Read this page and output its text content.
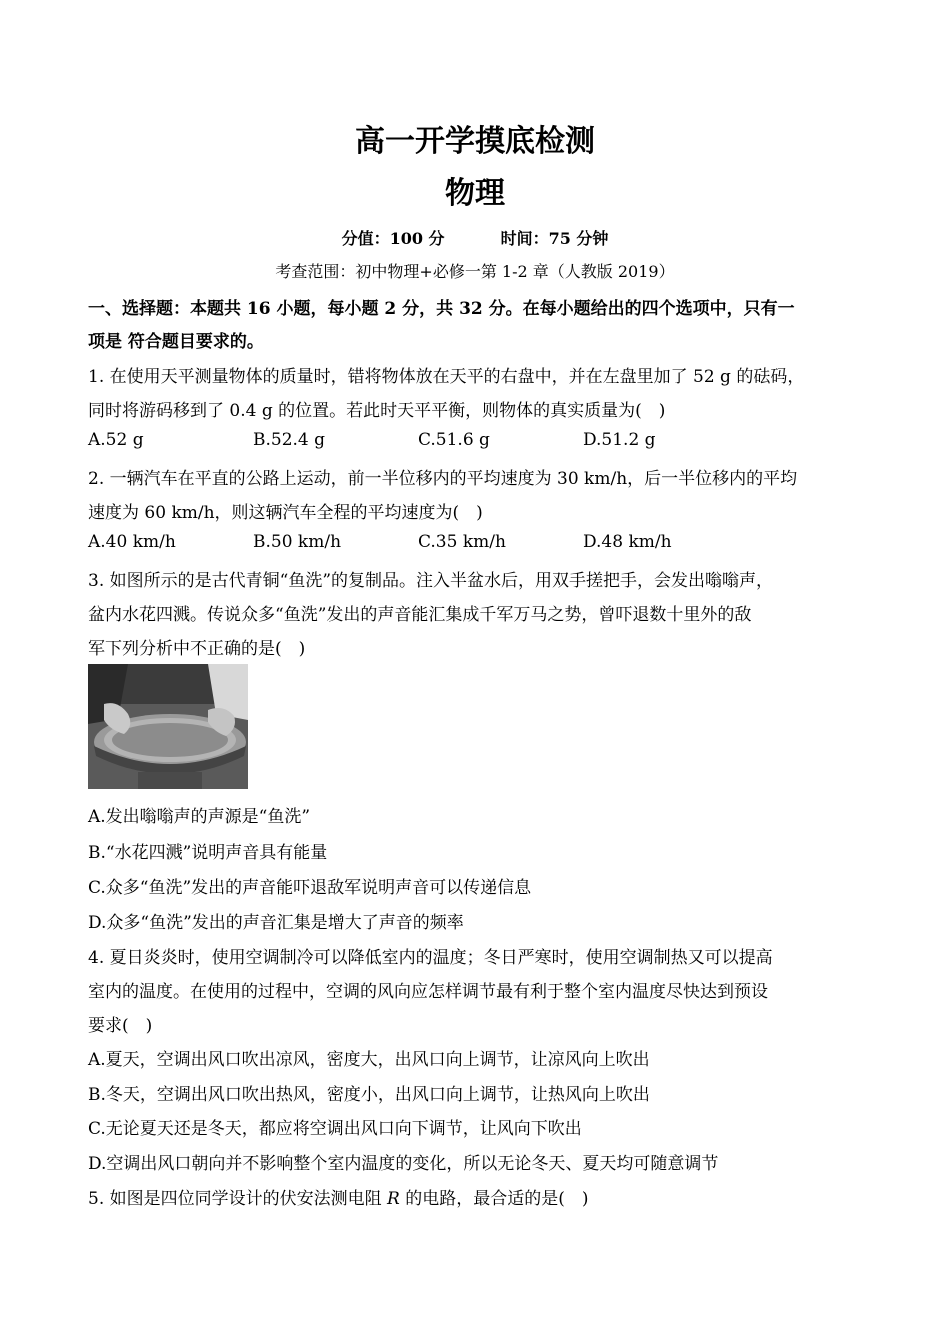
高一开学摸底检测
物理
分值：100 分	时间：75 分钟
考查范围：初中物理+必修一第 1-2 章（人教版 2019）
一、选择题：本题共 16 小题，每小题 2 分，共 32 分。在每小题给出的四个选项中，只有一
项是 符合题目要求的。
1. 在使用天平测量物体的质量时，错将物体放在天平的右盘中，并在左盘里加了 52 g 的砝码，
同时将游码移到了 0.4 g 的位置。若此时天平平衡，则物体的真实质量为(　)
A.52 g	B.52.4 g	C.51.6 g	D.51.2 g
2. 一辆汽车在平直的公路上运动，前一半位移内的平均速度为 30 km/h，后一半位移内的平均
速度为 60 km/h，则这辆汽车全程的平均速度为(　)
A.40 km/h	B.50 km/h	C.35 km/h	D.48 km/h
3. 如图所示的是古代青铜“鱼洗”的复制品。注入半盆水后，用双手搓把手，会发出嗡嗡声，
盆内水花四溅。传说众多“鱼洗”发出的声音能汇集成千军万马之势，曾吓退数十里外的敌
军下列分析中不正确的是(　)
A.发出嗡嗡声的声源是“鱼洗”
B.“水花四溅”说明声音具有能量
C.众多“鱼洗”发出的声音能吓退敌军说明声音可以传递信息
D.众多“鱼洗”发出的声音汇集是增大了声音的频率
4. 夏日炎炎时，使用空调制冷可以降低室内的温度；冬日严寒时，使用空调制热又可以提高
室内的温度。在使用的过程中，空调的风向应怎样调节最有利于整个室内温度尽快达到预设
要求(　)
A.夏天，空调出风口吹出凉风，密度大，出风口向上调节，让凉风向上吹出
B.冬天，空调出风口吹出热风，密度小，出风口向上调节，让热风向上吹出
C.无论夏天还是冬天，都应将空调出风口向下调节，让风向下吹出
D.空调出风口朝向并不影响整个室内温度的变化，所以无论冬天、夏天均可随意调节
5. 如图是四位同学设计的伏安法测电阻 R 的电路，最合适的是(　)
